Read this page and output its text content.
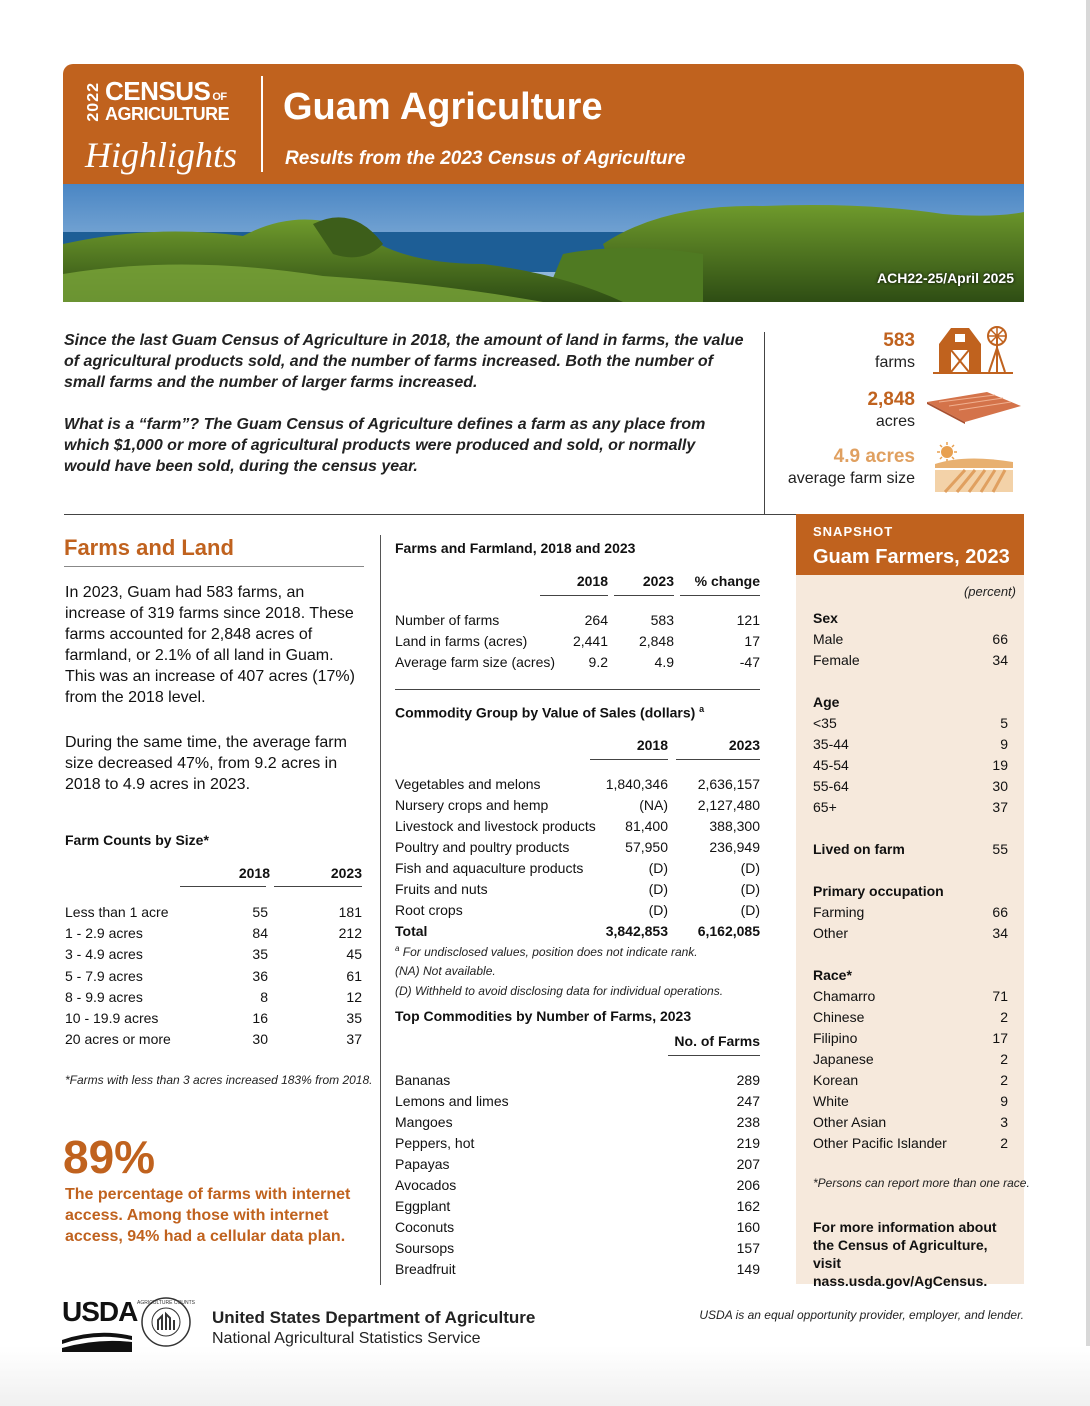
2022 CENSUS OF
AGRICULTURE
Highlights
Guam Agriculture
Results from the 2023 Census of Agriculture
ACH22-25/April 2025

Since the last Guam Census of Agriculture in 2018, the amount of land in farms, the value of agricultural products sold, and the number of farms increased. Both the number of small farms and the number of larger farms increased.

What is a “farm”? The Guam Census of Agriculture defines a farm as any place from which $1,000 or more of agricultural products were produced and sold, or normally would have been sold, during the census year.

583
farms
2,848
acres
4.9 acres
average farm size
Farms and Land

In 2023, Guam had 583 farms, an increase of 319 farms since 2018. These farms accounted for 2,848 acres of farmland, or 2.1% of all land in Guam. This was an increase of 407 acres (17%) from the 2018 level.

During the same time, the average farm size decreased 47%, from 9.2 acres in 2018 to 4.9 acres in 2023.

Farm Counts by Size*
2018	2023
Less than 1 acre	55	181
1 - 2.9 acres	84	212
3 - 4.9 acres	35	45
5 - 7.9 acres	36	61
8 - 9.9 acres	8	12
10 - 19.9 acres	16	35
20 acres or more	30	37
*Farms with less than 3 acres increased 183% from 2018.
89%
The percentage of farms with internet access. Among those with internet access, 94% had a cellular data plan.
Farms and Farmland, 2018 and 2023
2018	2023	% change
Number of farms	264	583	121
Land in farms (acres)	2,441 2,848	17
Average farm size (acres) 9.2	4.9	-47
Commodity Group by Value of Sales (dollars) $^a$
2018	2023
Vegetables and melons	1,840,346 2,636,157
Nursery crops and hemp	(NA) 2,127,480
Livestock and livestock products 81,400	388,300
Poultry and poultry products	57,950	236,949
Fish and aquaculture products	(D)	(D)
Fruits and nuts	(D)	(D)
Root crops	(D)	(D)
Total	3,842,853 6,162,085
$^a$ For undisclosed values, position does not indicate rank.
(NA) Not available.
(D) Withheld to avoid disclosing data for individual operations.
Top Commodities by Number of Farms, 2023
No. of Farms
Bananas	289
Lemons and limes	247
Mangoes	238
Peppers, hot	219
Papayas	207
Avocados	206
Eggplant	162
Coconuts	160
Soursops	157
Breadfruit	149
SNAPSHOT
Guam Farmers, 2023
(percent)
Sex
Male	66
Female	34
Age
<35	5
35-44	9
45-54	19
55-64	30
65+	37
Lived on farm	55
Primary occupation
Farming	66
Other	34
Race*
Chamarro	71
Chinese	2
Filipino	17
Japanese	2
Korean	2
White	9
Other Asian	3
Other Pacific Islander	2
*Persons can report more than one race.
For more information about the Census of Agriculture, visit nass.usda.gov/AgCensus.
USDA AGRICULTURE COUNTS
United States Department of Agriculture
National Agricultural Statistics Service
USDA is an equal opportunity provider, employer, and lender.
